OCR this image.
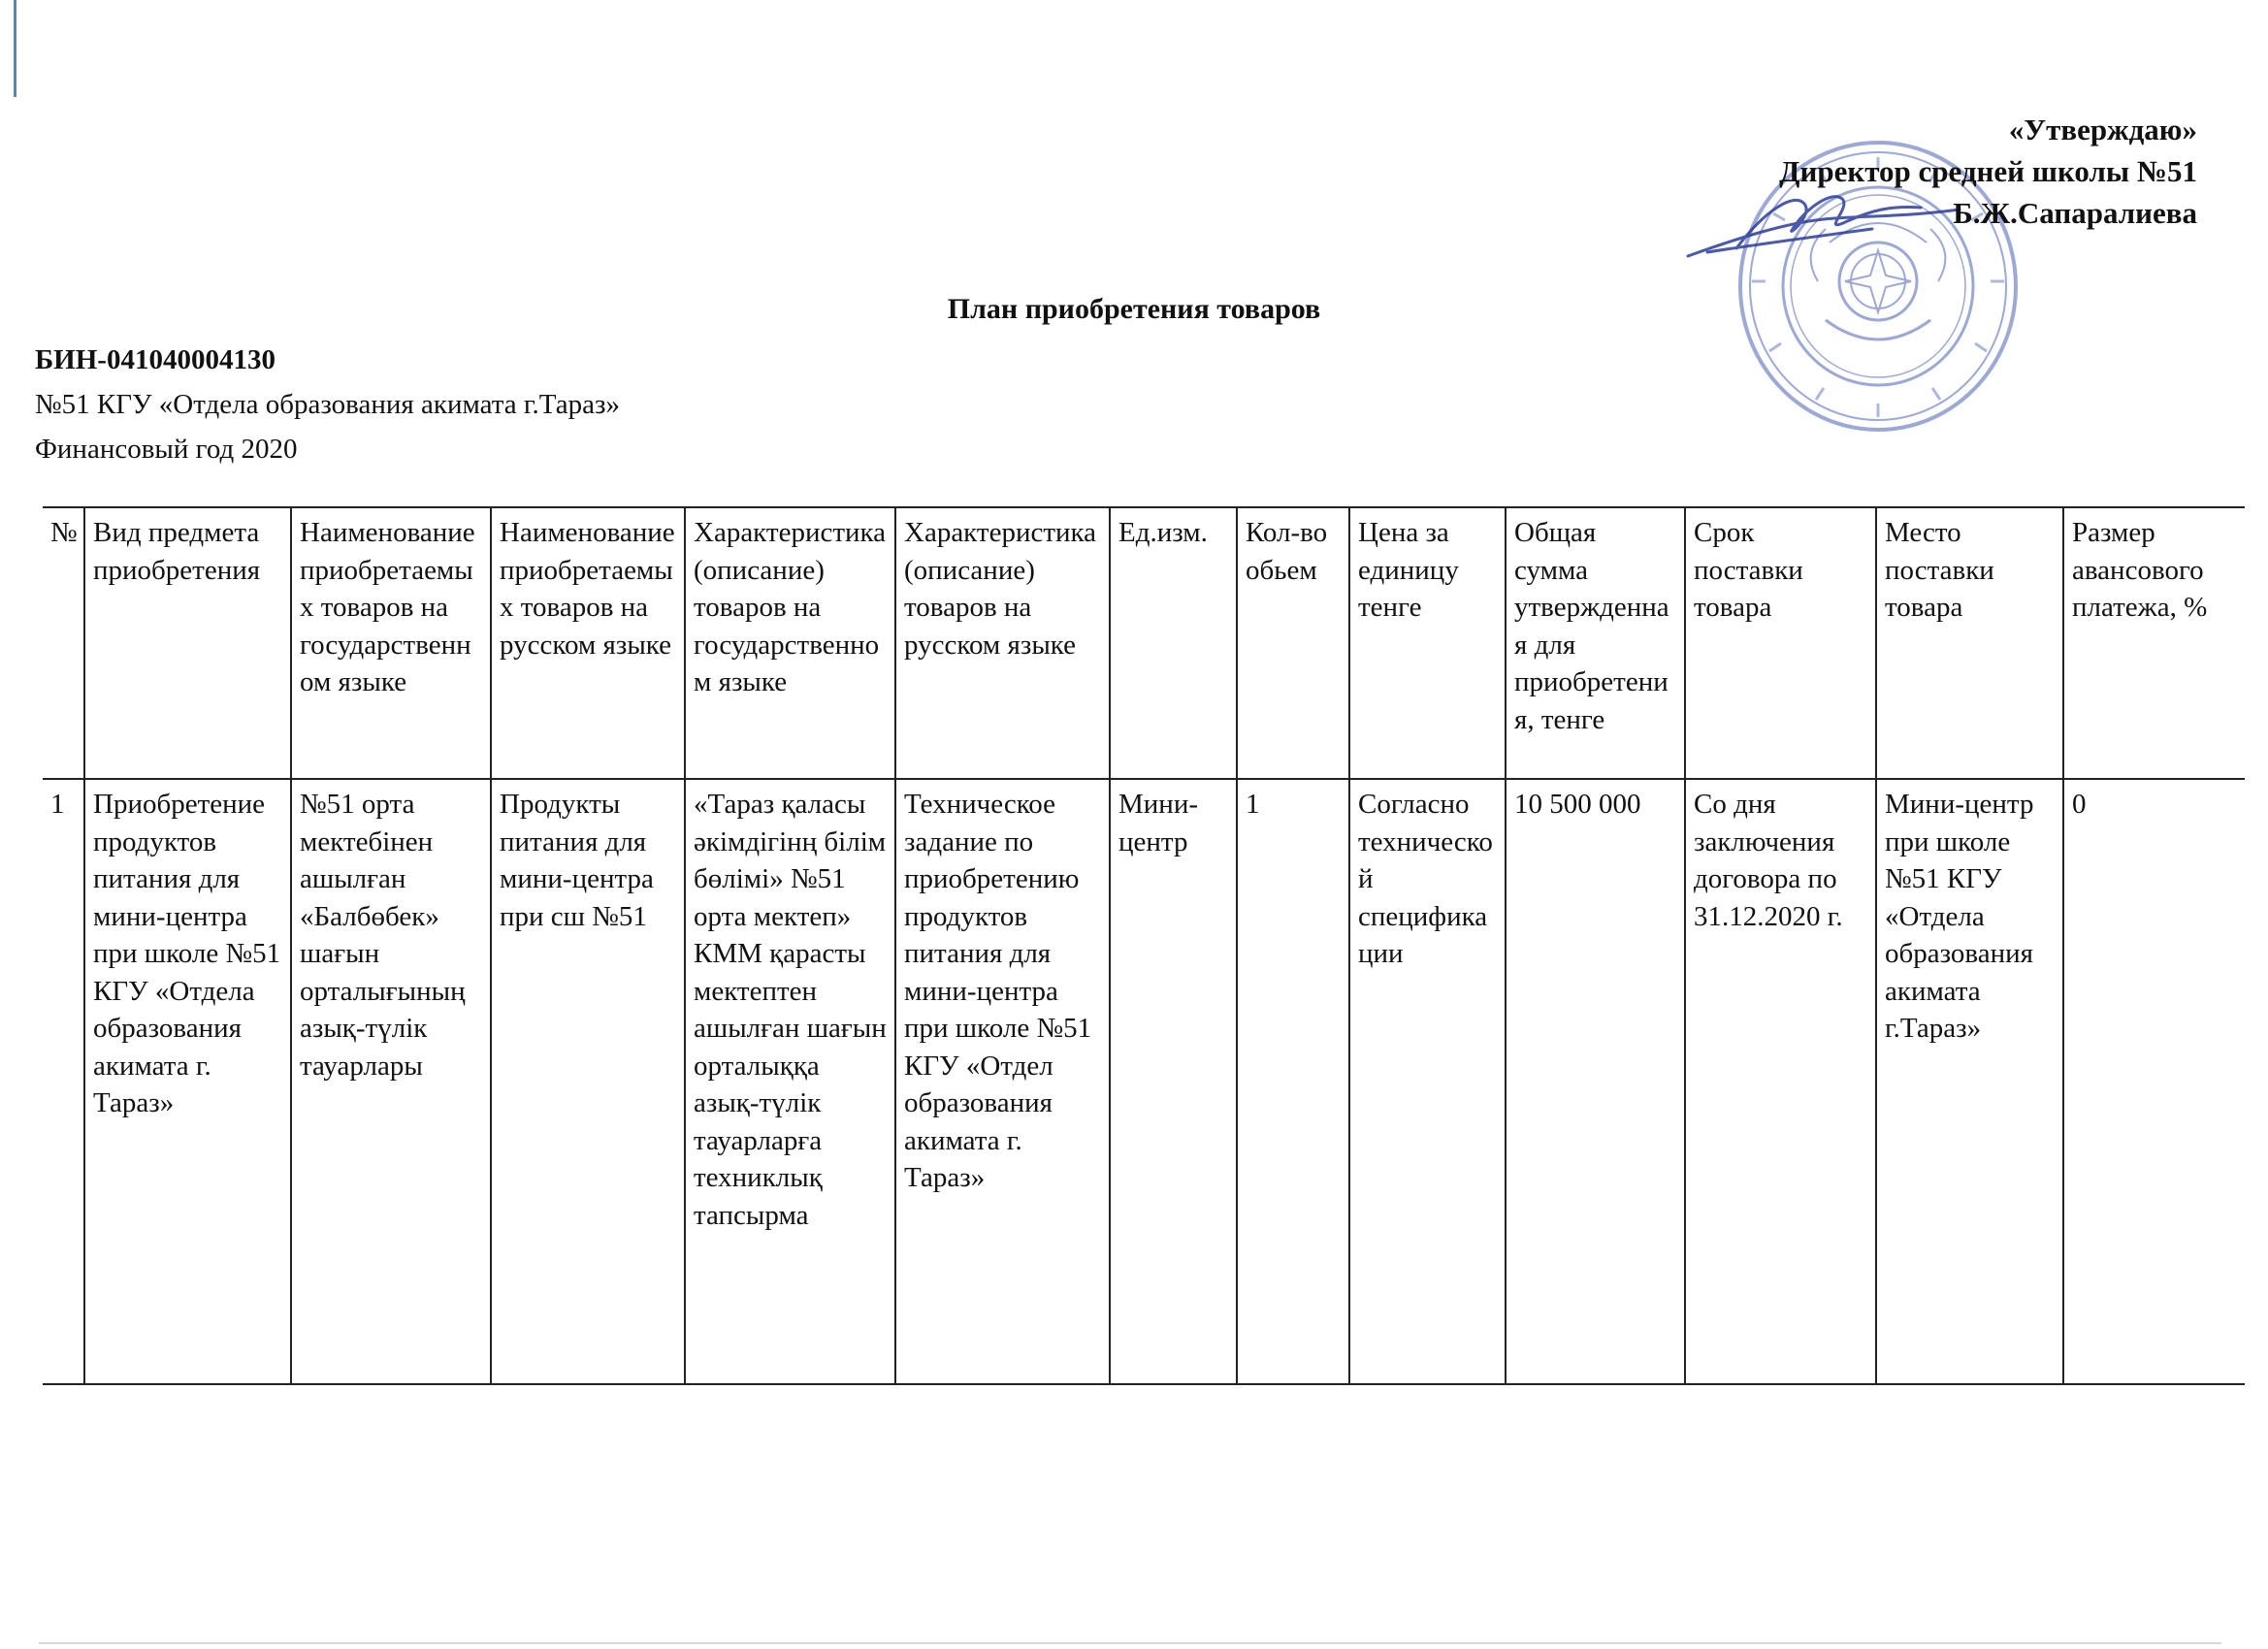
«Утверждаю»
Директор средней школы №51
Б.Ж.Сапаралиева
План приобретения товаров
БИН-041040004130
№51 КГУ «Отдела образования акимата г.Тараз»
Финансовый год 2020
№	Вид предмета приобретения	Наименование приобретаемых товаров на государственном языке	Наименование приобретаемых товаров на русском языке	Характеристика (описание) товаров на государственном языке	Характеристика (описание) товаров на русском языке	Ед.изм.	Кол-во обьем	Цена за единицу тенге	Общая сумма утвержденная для приобретения, тенге	Срок поставки товара	Место поставки товара	Размер авансового платежа, %
1	Приобретение продуктов питания для мини-центра при школе №51 КГУ «Отдела образования акимата г. Тараз»	№51 орта мектебінен ашылған «Балбөбек» шағын орталығының азық-түлік тауарлары	Продукты питания для мини-центра при сш №51	«Тараз қаласы әкімдігінң білім бөлімі» №51 орта мектеп» КММ қарасты мектептен ашылған шағын орталыққа азық-түлік тауарларға техниклық тапсырма	Техническое задание по приобретению продуктов питания для мини-центра при школе №51 КГУ «Отдел образования акимата г. Тараз»	Мини-центр	1	Согласно технической спецификации	10 500 000	Со дня заключения договора по 31.12.2020 г.	Мини-центр при школе №51 КГУ «Отдела образования акимата г.Тараз»	0
